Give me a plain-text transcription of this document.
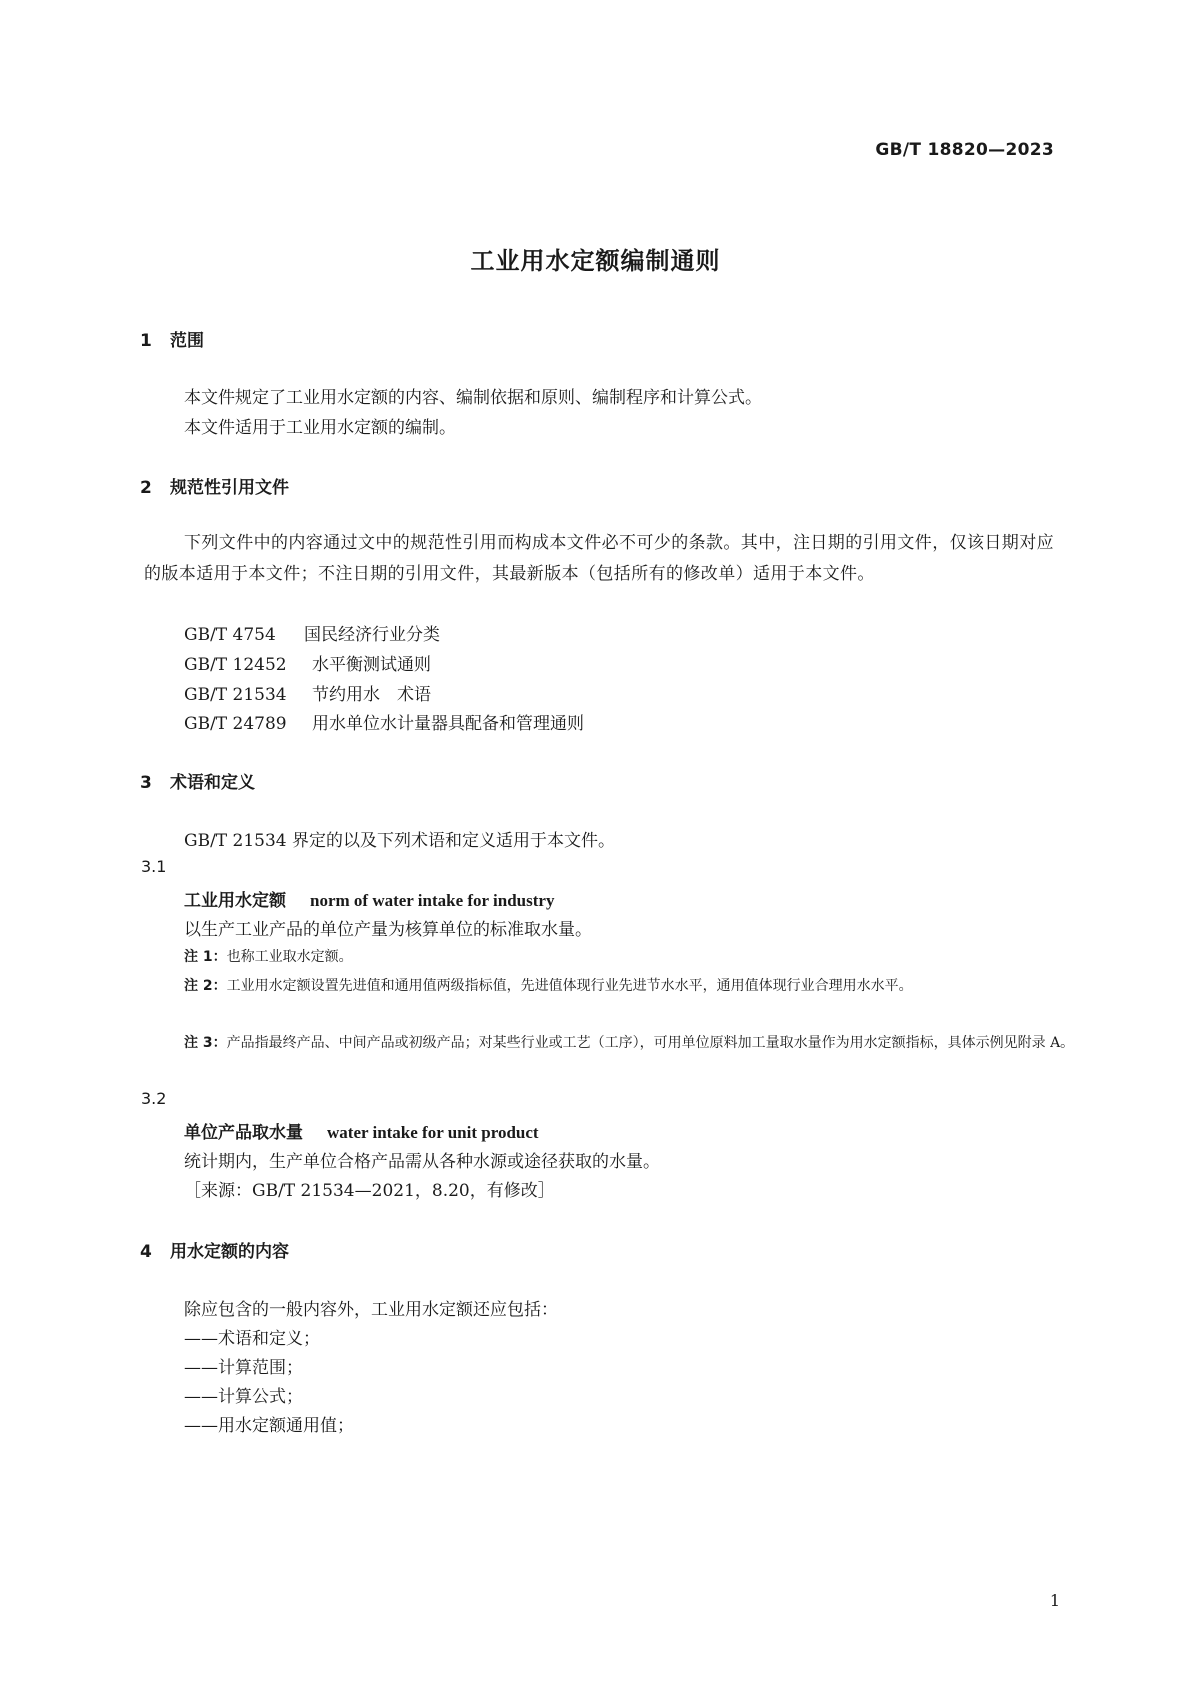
GB/T 18820—2023
工业用水定额编制通则
1 范围
本文件规定了工业用水定额的内容、编制依据和原则、编制程序和计算公式。
本文件适用于工业用水定额的编制。
2 规范性引用文件
下列文件中的内容通过文中的规范性引用而构成本文件必不可少的条款。其中，注日期的引用文件，仅该日期对应的版本适用于本文件；不注日期的引用文件，其最新版本（包括所有的修改单）适用于本文件。
GB/T 4754 国民经济行业分类
GB/T 12452 水平衡测试通则
GB/T 21534 节约用水　术语
GB/T 24789 用水单位水计量器具配备和管理通则
3 术语和定义
GB/T 21534 界定的以及下列术语和定义适用于本文件。
3.1
工业用水定额 norm of water intake for industry
以生产工业产品的单位产量为核算单位的标准取水量。
注 1：也称工业取水定额。
注 2：工业用水定额设置先进值和通用值两级指标值，先进值体现行业先进节水水平，通用值体现行业合理用水水平。
注 3：产品指最终产品、中间产品或初级产品；对某些行业或工艺（工序），可用单位原料加工量取水量作为用水定额指标，具体示例见附录 A。
3.2
单位产品取水量 water intake for unit product
统计期内，生产单位合格产品需从各种水源或途径获取的水量。
［来源：GB/T 21534—2021，8.20，有修改］
4 用水定额的内容
除应包含的一般内容外，工业用水定额还应包括：
——术语和定义；
——计算范围；
——计算公式；
——用水定额通用值；
1
